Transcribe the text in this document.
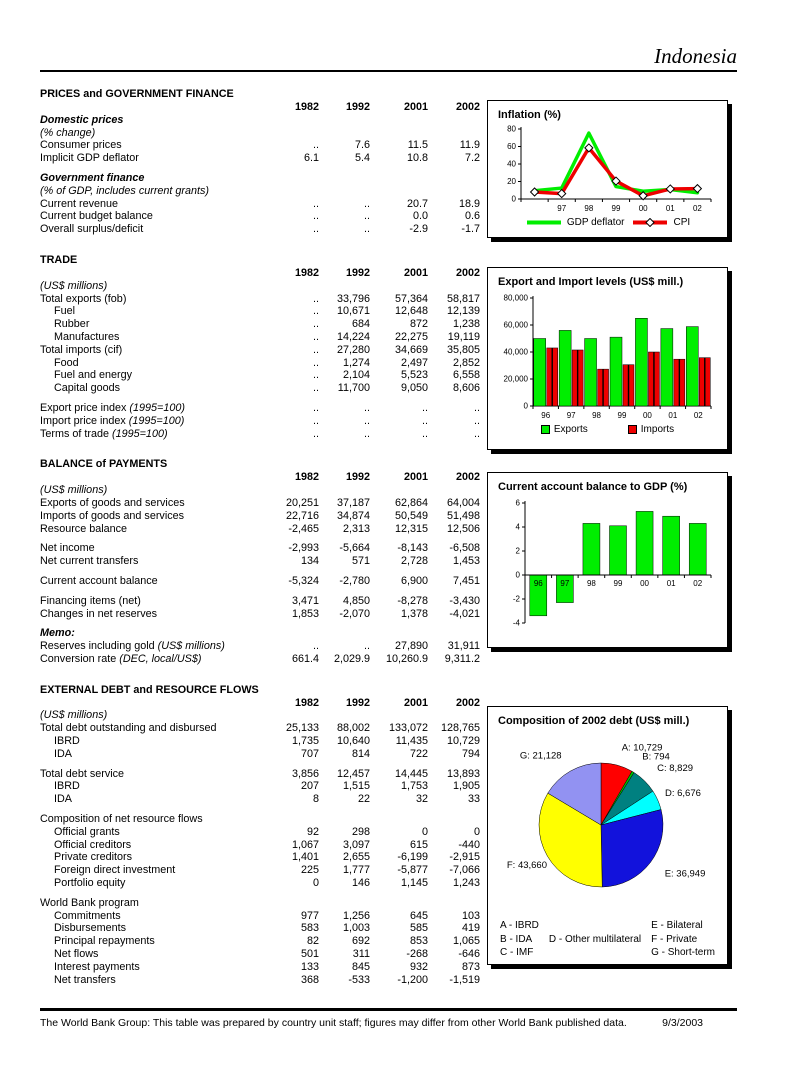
Indonesia
PRICES and GOVERNMENT FINANCE
1982	1992	2001	2002
Domestic prices
(% change)
Consumer prices	..	7.6	11.5	11.9
Implicit GDP deflator	6.1	5.4	10.8	7.2
Government finance
(% of GDP, includes current grants)
Current revenue	..	..	20.7	18.9
Current budget balance	..	..	0.0	0.6
Overall surplus/deficit	..	..	-2.9	-1.7
TRADE
1982	1992	2001	2002
(US$ millions)
Total exports (fob)	..	33,796	57,364	58,817
Fuel	..	10,671	12,648	12,139
Rubber	..	684	872	1,238
Manufactures	..	14,224	22,275	19,119
Total imports (cif)	..	27,280	34,669	35,805
Food	..	1,274	2,497	2,852
Fuel and energy	..	2,104	5,523	6,558
Capital goods	..	11,700	9,050	8,606
Export price index (1995=100)	..	..	..	..
Import price index (1995=100)	..	..	..	..
Terms of trade (1995=100)	..	..	..	..
BALANCE of PAYMENTS
1982	1992	2001	2002
(US$ millions)
Exports of goods and services	20,251	37,187	62,864	64,004
Imports of goods and services	22,716	34,874	50,549	51,498
Resource balance	-2,465	2,313	12,315	12,506
Net income	-2,993	-5,664	-8,143	-6,508
Net current transfers	134	571	2,728	1,453
Current account balance	-5,324	-2,780	6,900	7,451
Financing items (net)	3,471	4,850	-8,278	-3,430
Changes in net reserves	1,853	-2,070	1,378	-4,021
Memo:
Reserves including gold (US$ millions)	..	..	27,890	31,911
Conversion rate (DEC, local/US$)	661.4	2,029.9	10,260.9	9,311.2
EXTERNAL DEBT and RESOURCE FLOWS
1982	1992	2001	2002
(US$ millions)
Total debt outstanding and disbursed	25,133	88,002	133,072	128,765
IBRD	1,735	10,640	11,435	10,729
IDA	707	814	722	794
Total debt service	3,856	12,457	14,445	13,893
IBRD	207	1,515	1,753	1,905
IDA	8	22	32	33
Composition of net resource flows
Official grants	92	298	0	0
Official creditors	1,067	3,097	615	-440
Private creditors	1,401	2,655	-6,199	-2,915
Foreign direct investment	225	1,777	-5,877	-7,066
Portfolio equity	0	146	1,145	1,243
World Bank program
Commitments	977	1,256	645	103
Disbursements	583	1,003	585	419
Principal repayments	82	692	853	1,065
Net flows	501	311	-268	-646
Interest payments	133	845	932	873
Net transfers	368	-533	-1,200	-1,519
Inflation (%)
0
20
40
60
80
97 98 99 00 01 02
GDP deflator	CPI
Export and Import levels (US$ mill.)
0
20,000
40,000
60,000
80,000
96 97 98 99 00 01 02
Exports	Imports
Current account balance to GDP (%)
-4
-2
0
2
4
6
96 97 98 99 00 01 02
Composition of 2002 debt (US$ mill.)
A: 10,729
B: 794
C: 8,829
D: 6,676
E: 36,949
F: 43,660
G: 21,128
A - IBRD
B - IDA
C - IMF

D - Other multilateral

E - Bilateral
F - Private
G - Short-term
The World Bank Group: This table was prepared by country unit staff; figures may differ from other World Bank published data.	9/3/2003
